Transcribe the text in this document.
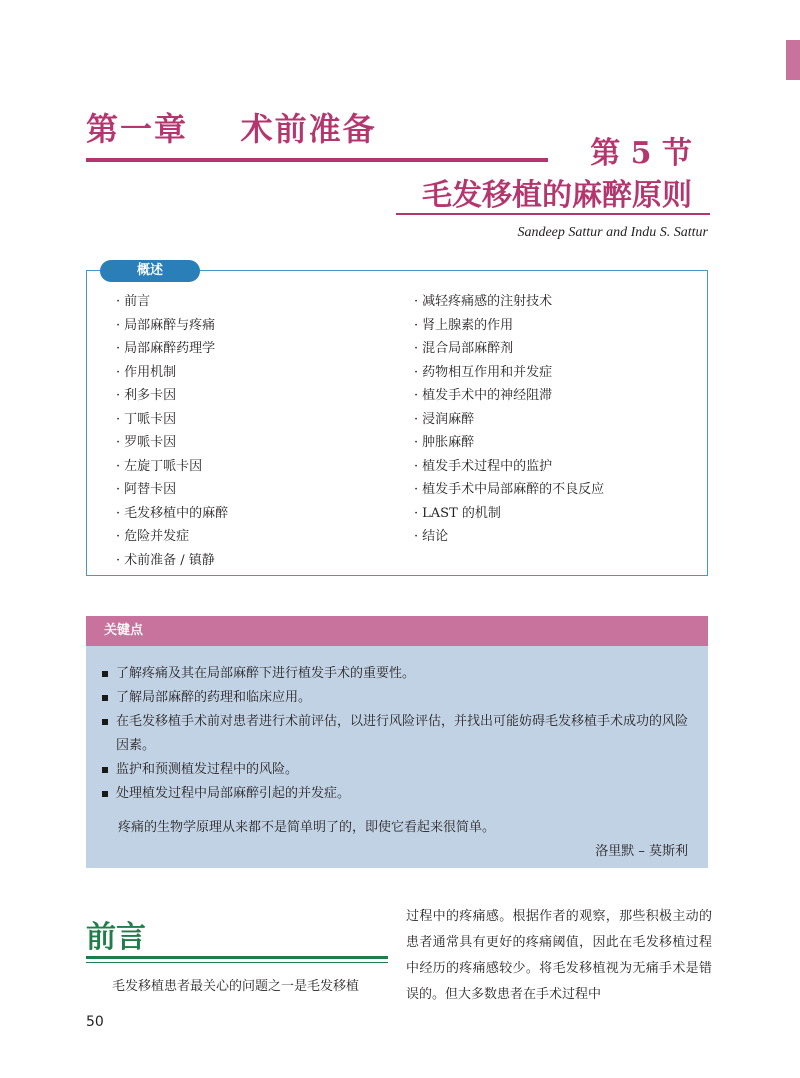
第一章    术前准备
第 5 节
毛发移植的麻醉原则
Sandeep Sattur and Indu S. Sattur
概述
· 前言
· 局部麻醉与疼痛
· 局部麻醉药理学
· 作用机制
· 利多卡因
· 丁哌卡因
· 罗哌卡因
· 左旋丁哌卡因
· 阿替卡因
· 毛发移植中的麻醉
· 危险并发症
· 术前准备 / 镇静
· 减轻疼痛感的注射技术
· 肾上腺素的作用
· 混合局部麻醉剂
· 药物相互作用和并发症
· 植发手术中的神经阻滞
· 浸润麻醉
· 肿胀麻醉
· 植发手术过程中的监护
· 植发手术中局部麻醉的不良反应
· LAST 的机制
· 结论
关键点
了解疼痛及其在局部麻醉下进行植发手术的重要性。
了解局部麻醉的药理和临床应用。
在毛发移植手术前对患者进行术前评估，以进行风险评估，并找出可能妨碍毛发移植手术成功的风险因素。
监护和预测植发过程中的风险。
处理植发过程中局部麻醉引起的并发症。
疼痛的生物学原理从来都不是简单明了的，即使它看起来很简单。
洛里默 – 莫斯利
前言
毛发移植患者最关心的问题之一是毛发移植
过程中的疼痛感。根据作者的观察，那些积极主动的患者通常具有更好的疼痛阈值，因此在毛发移植过程中经历的疼痛感较少。将毛发移植视为无痛手术是错误的。但大多数患者在手术过程中
50
